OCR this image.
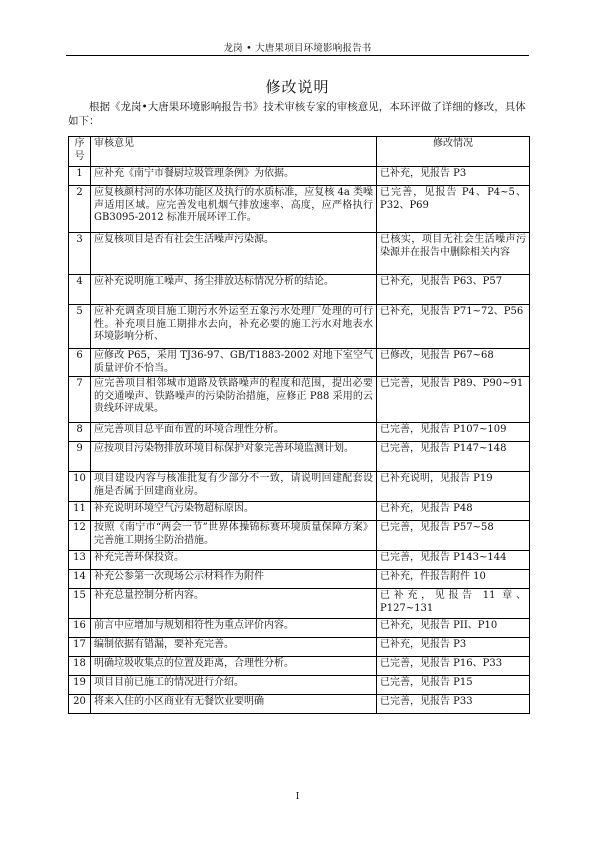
龙岗 • 大唐果项目环境影响报告书
修改说明
根据《龙岗•大唐果环境影响报告书》技术审核专家的审核意见，本环评做了详细的修改，具体如下：
序号	审核意见	修改情况
1	应补充《南宁市餐厨垃圾管理条例》为依据。	已补充，见报告 P3
2	应复核颜村河的水体功能区及执行的水质标准，应复核 4a 类噪声适用区域。应完善发电机烟气排放速率、高度，应严格执行 GB3095-2012 标准开展环评工作。	已完善，见报告 P4、P4~5、P32、P69
3	应复核项目是否有社会生活噪声污染源。	已核实，项目无社会生活噪声污染源并在报告中删除相关内容
4	应补充说明施工噪声、扬尘排放达标情况分析的结论。	已补充，见报告 P63、P57
5	应补充调查项目施工期污水外运至五象污水处理厂处理的可行性。补充项目施工期排水去向，补充必要的施工污水对地表水环境影响分析、	已补充，见报告 P71~72、P56
6	应修改 P65，采用 TJ36-97、GB/T1883-2002 对地下室空气质量评价不恰当。	已修改，见报告 P67~68
7	应完善项目相邻城市道路及铁路噪声的程度和范围，提出必要的交通噪声、铁路噪声的污染防治措施，应修正 P88 采用的云贵线环评成果。	已完善，见报告 P89、P90~91
8	应完善项目总平面布置的环境合理性分析。	已完善，见报告 P107~109
9	应按项目污染物排放环境目标保护对象完善环境监测计划。	已完善，见报告 P147~148
10	项目建设内容与核准批复有少部分不一致，请说明回建配套设施是否属于回建商业房。	已补充说明，见报告 P19
11	补充说明环境空气污染物超标原因。	已补充，见报告 P48
12	按照《南宁市“两会一节”世界体操锦标赛环境质量保障方案》完善施工期扬尘防治措施。	已完善，见报告 P57~58
13	补充完善环保投资。	已完善，见报告 P143~144
14	补充公参第一次现场公示材料作为附件	已补充，件报告附件 10
15	补充总量控制分析内容。	已补充，见报告 11 章、P127~131
16	前言中应增加与规划相符性为重点评价内容。	已补充，见报告 PII、P10
17	编制依据有错漏，要补充完善。	已补充，见报告 P3
18	明确垃圾收集点的位置及距离，合理性分析。	已完善，见报告 P16、P33
19	项目目前已施工的情况进行介绍。	已完善，见报告 P15
20	将来入住的小区商业有无餐饮业要明确	已完善，见报告 P33
I
